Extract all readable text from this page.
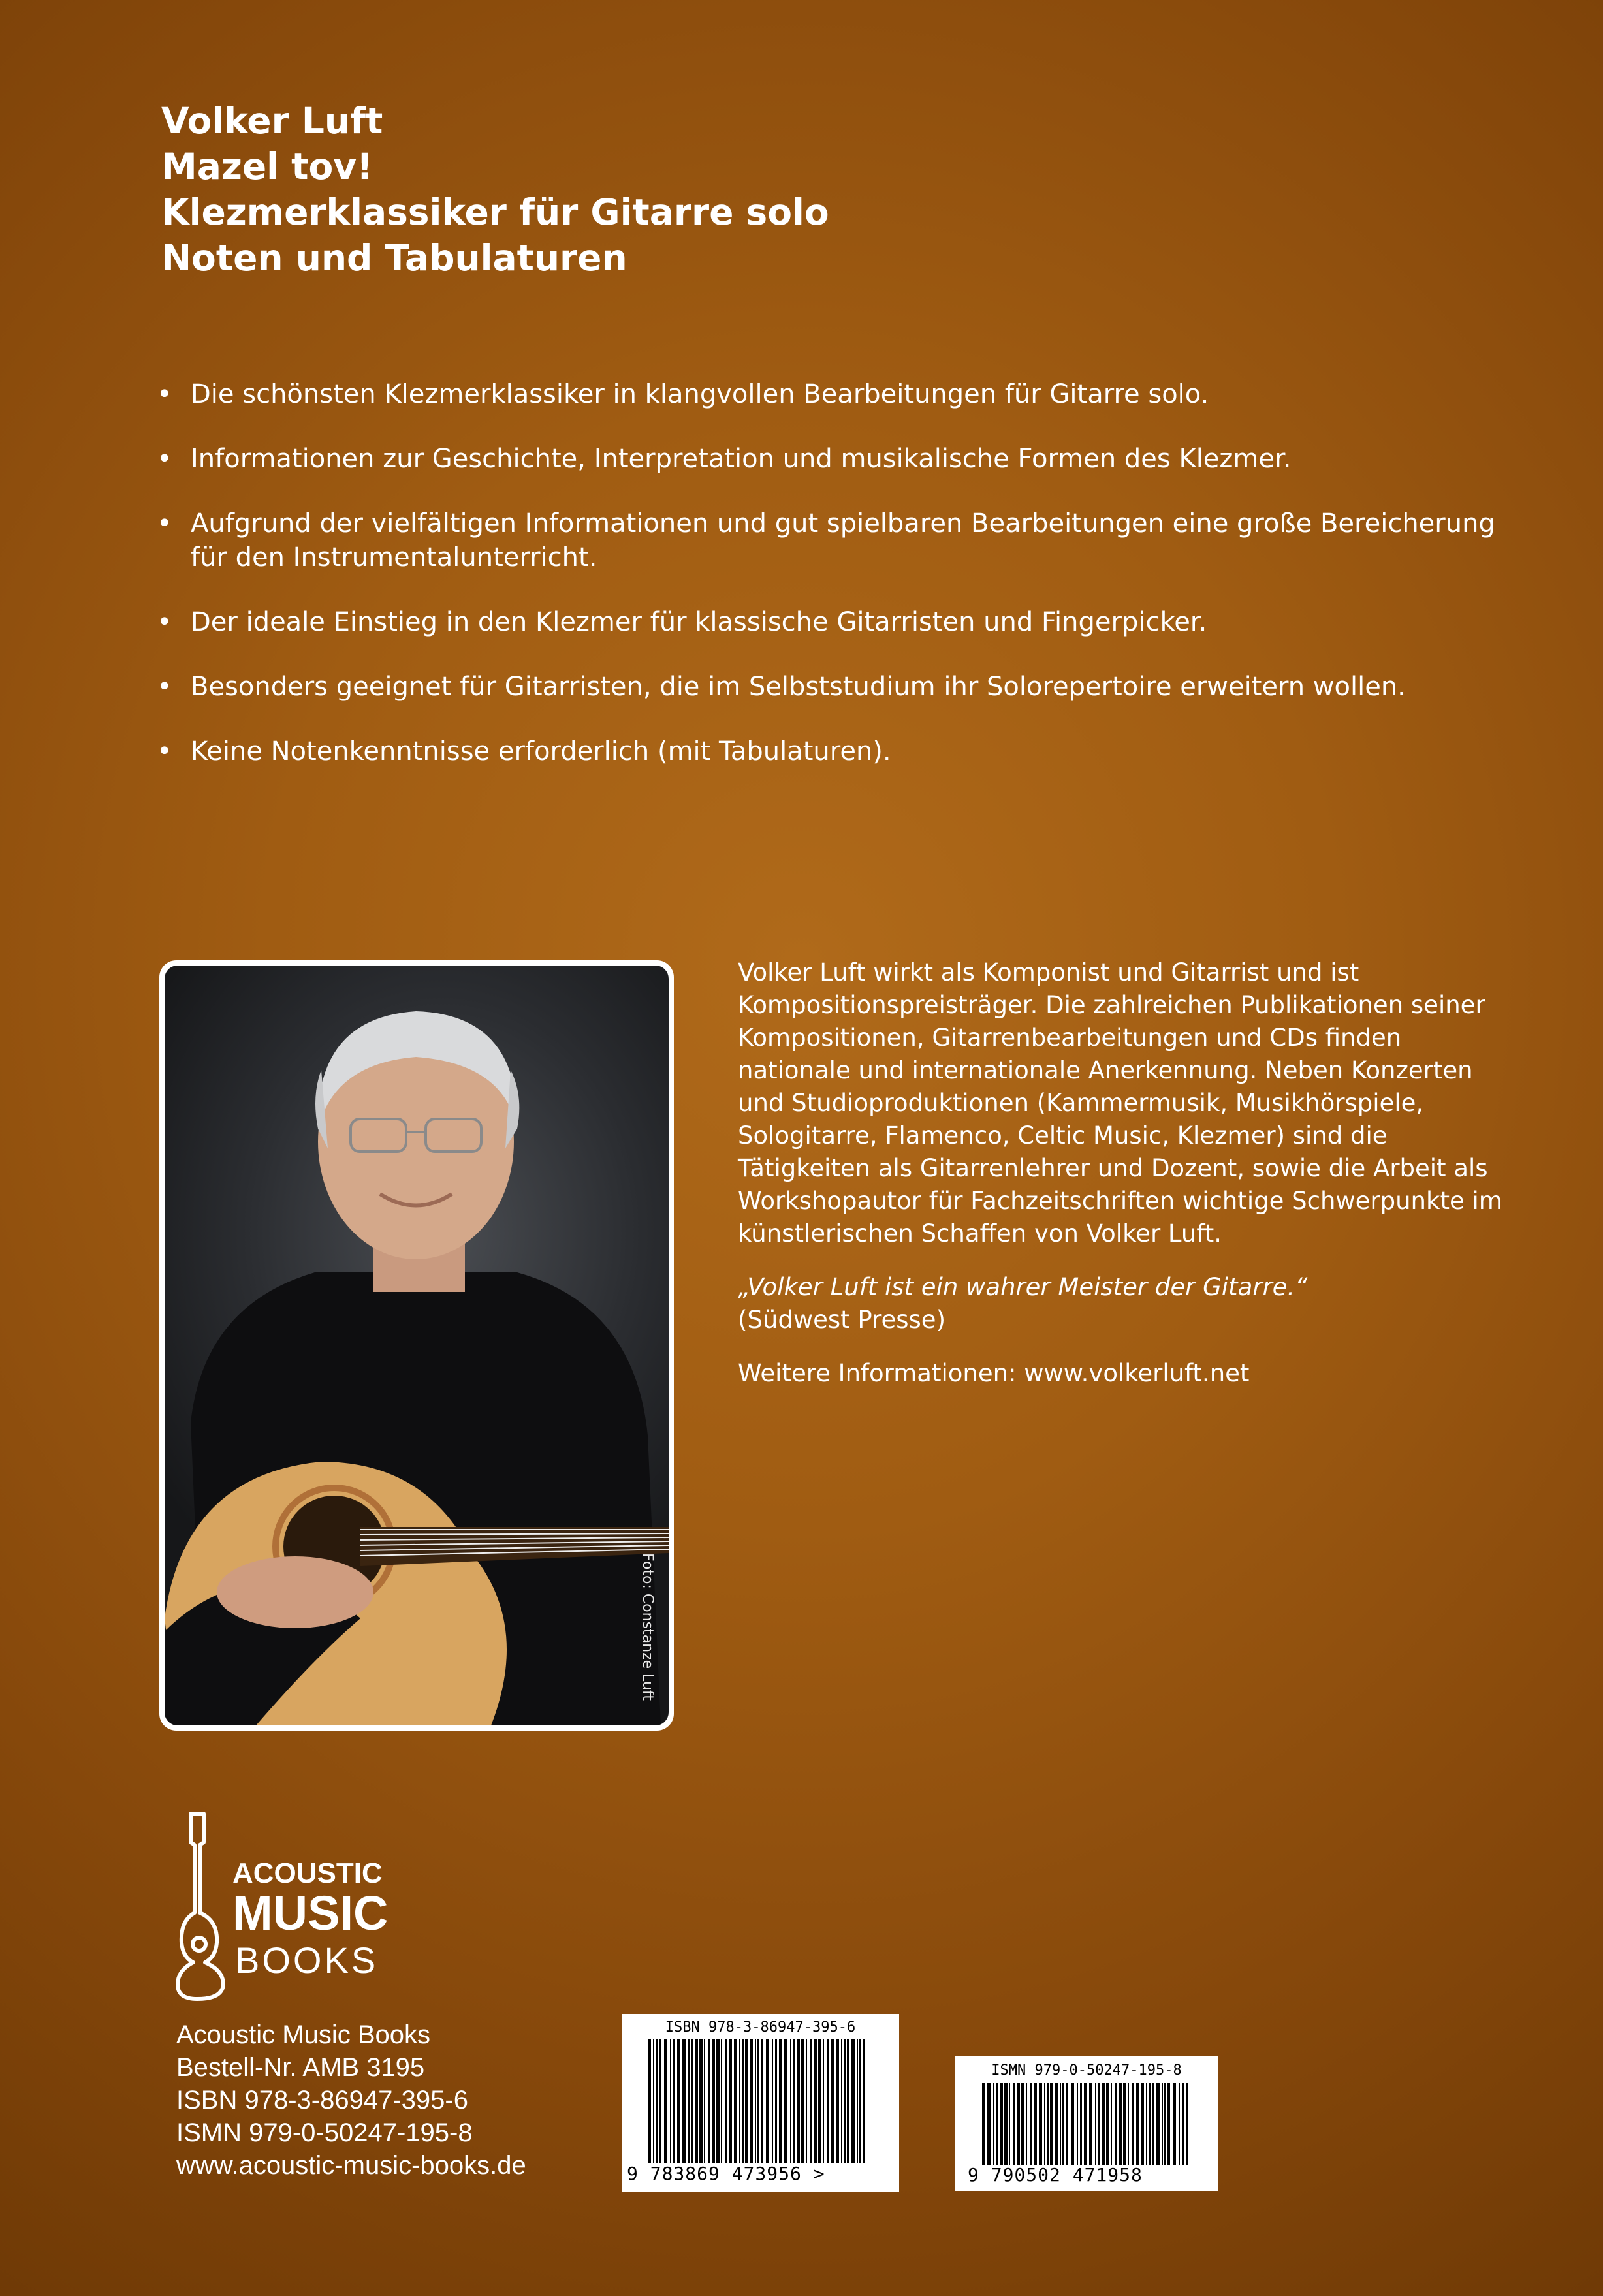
Volker Luft
Mazel tov!
Klezmerklassiker für Gitarre solo
Noten und Tabulaturen
• Die schönsten Klezmerklassiker in klangvollen Bearbeitungen für Gitarre solo.
• Informationen zur Geschichte, Interpretation und musikalische Formen des Klezmer.
• Aufgrund der vielfältigen Informationen und gut spielbaren Bearbeitungen eine große Bereicherung für den Instrumentalunterricht.
• Der ideale Einstieg in den Klezmer für klassische Gitarristen und Fingerpicker.
• Besonders geeignet für Gitarristen, die im Selbststudium ihr Solorepertoire erweitern wollen.
• Keine Notenkenntnisse erforderlich (mit Tabulaturen).
Foto: Constanze Luft

Volker Luft wirkt als Komponist und Gitarrist und ist Kompositionspreisträger. Die zahlreichen Publikationen seiner Kompositionen, Gitarrenbearbeitungen und CDs finden nationale und internationale Anerkennung. Neben Konzerten und Studioproduktionen (Kammermusik, Musikhörspiele, Sologitarre, Flamenco, Celtic Music, Klezmer) sind die Tätigkeiten als Gitarrenlehrer und Dozent, sowie die Arbeit als Workshopautor für Fachzeitschriften wichtige Schwerpunkte im künstlerischen Schaffen von Volker Luft.

„Volker Luft ist ein wahrer Meister der Gitarre.“
(Südwest Presse)

Weitere Informationen: www.volkerluft.net

ACOUSTIC
MUSIC
BOOKS
Acoustic Music Books
Bestell-Nr. AMB 3195
ISBN 978-3-86947-395-6
ISMN 979-0-50247-195-8
www.acoustic-music-books.de
ISBN 978-3-86947-395-6
9 783869 473956 >
ISMN 979-0-50247-195-8
9 790502 471958
